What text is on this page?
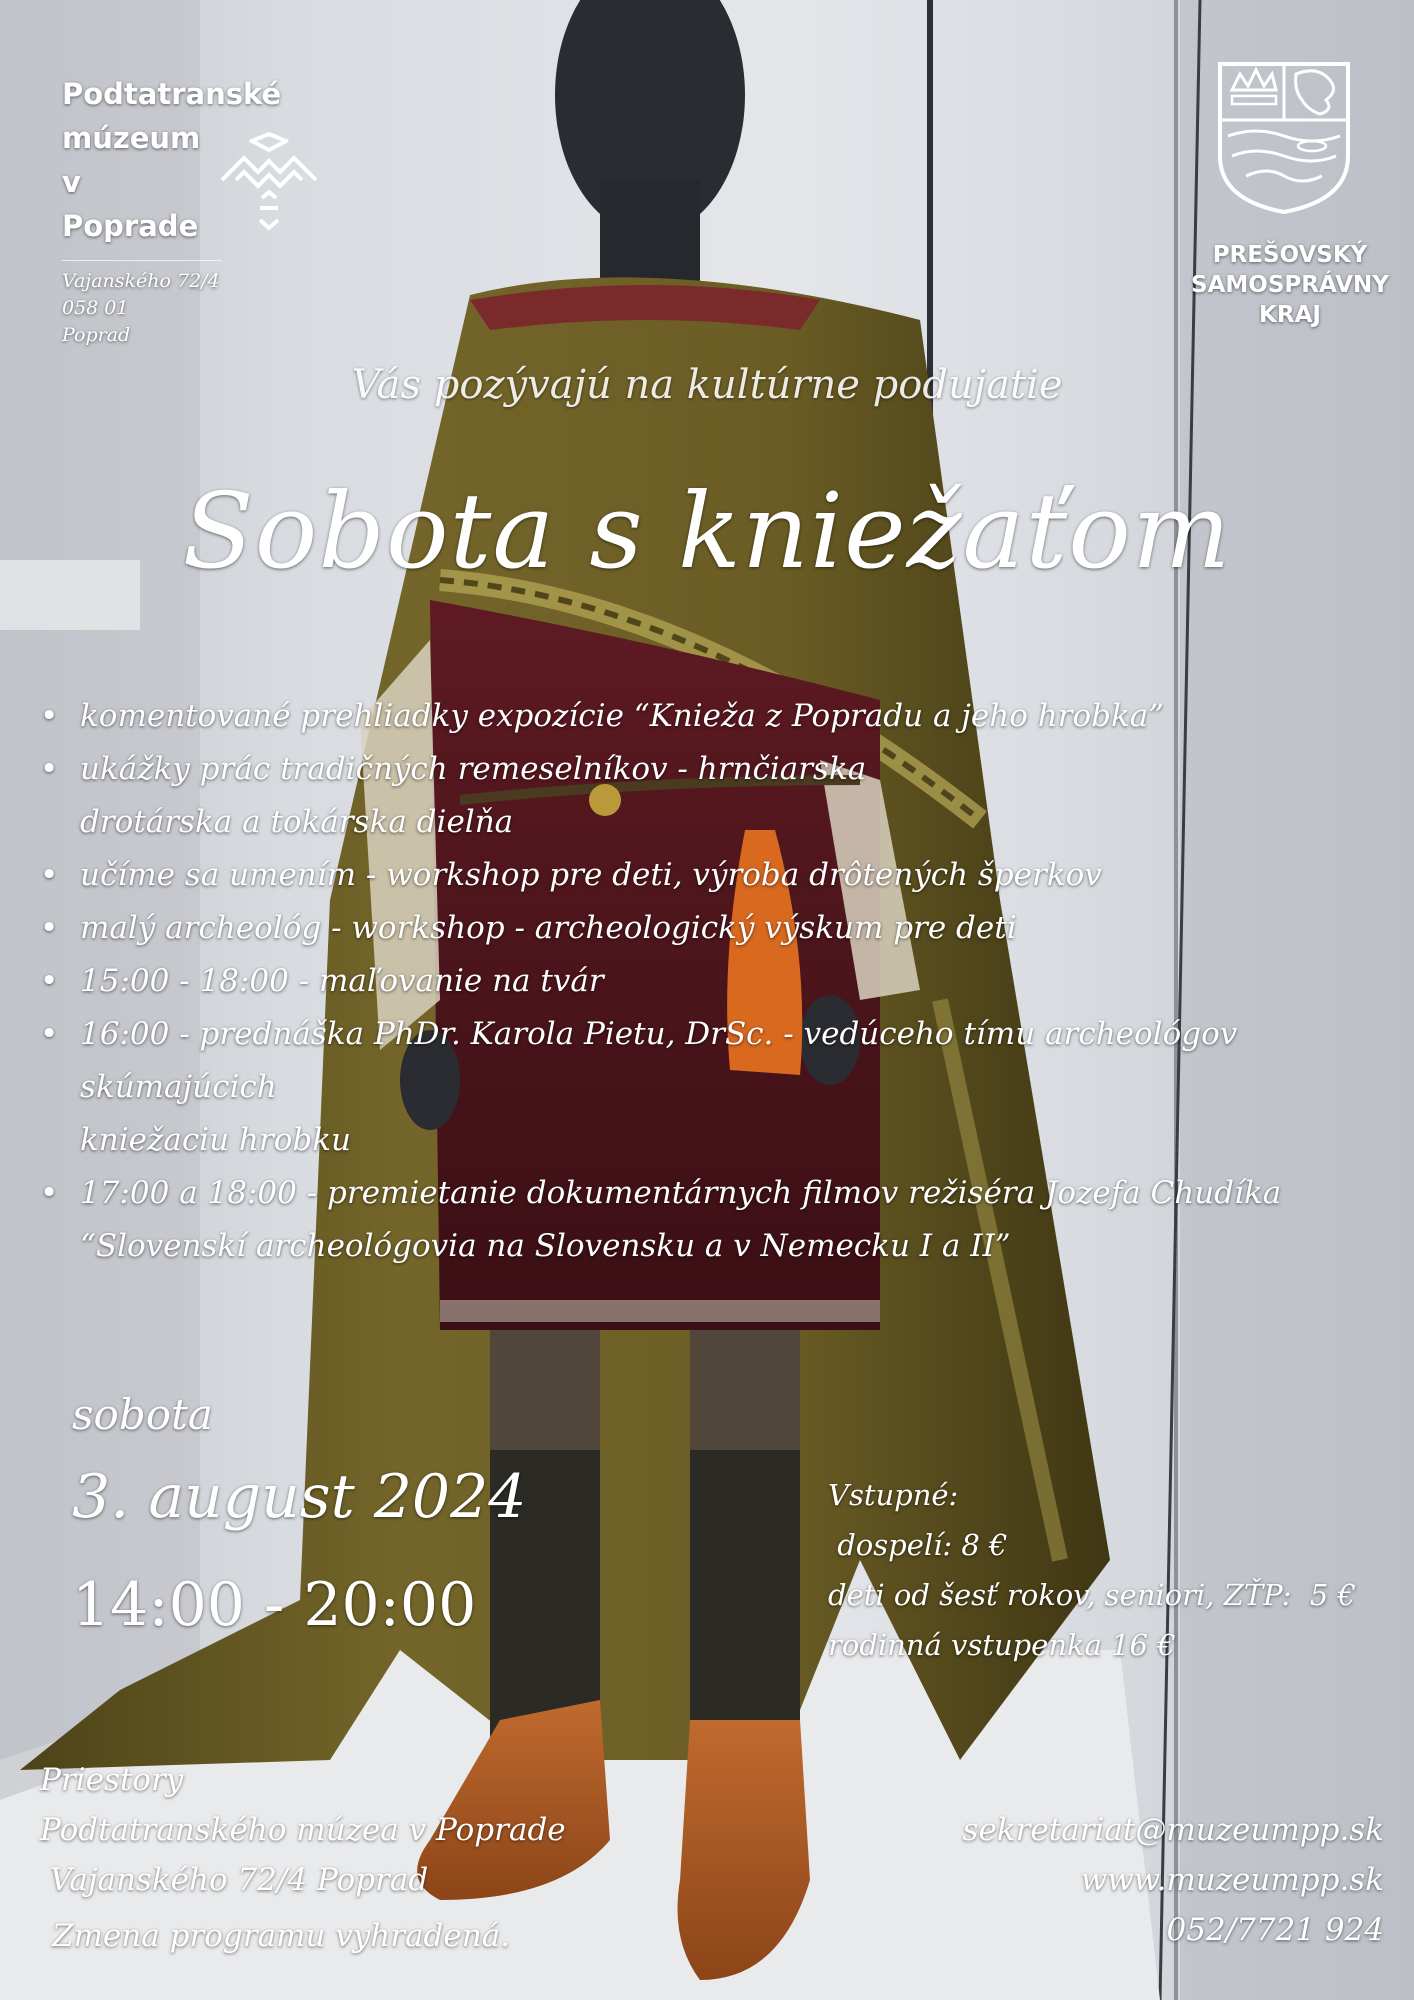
Podtatranské
múzeum
v
Poprade
Vajanského 72/4
058 01
Poprad
PREŠOVSKÝ
SAMOSPRÁVNY
KRAJ
Vás pozývajú na kultúrne podujatie
Sobota s kniežaťom
• komentované prehliadky expozície “Knieža z Popradu a jeho hrobka”
• ukážky prác tradičných remeselníkov - hrnčiarska
drotárska a tokárska dielňa
• učíme sa umením - workshop pre deti, výroba drôtených šperkov
• malý archeológ - workshop - archeologický výskum pre deti
• 15:00 - 18:00 - maľovanie na tvár
• 16:00 - prednáška PhDr. Karola Pietu, DrSc. - vedúceho tímu archeológov skúmajúcich
kniežaciu hrobku
• 17:00 a 18:00 - premietanie dokumentárnych filmov režiséra Jozefa Chudíka
“Slovenskí archeológovia na Slovensku a v Nemecku I a II”
sobota
3. august 2024
14:00 - 20:00
Vstupné:
dospelí: 8 €
deti od šesť rokov, seniori, ZŤP:  5 €
rodinná vstupenka 16 €
Priestory
Podtatranského múzea v Poprade
Vajanského 72/4 Poprad
Zmena programu vyhradená.
sekretariat@muzeumpp.sk
www.muzeumpp.sk
052/7721 924
